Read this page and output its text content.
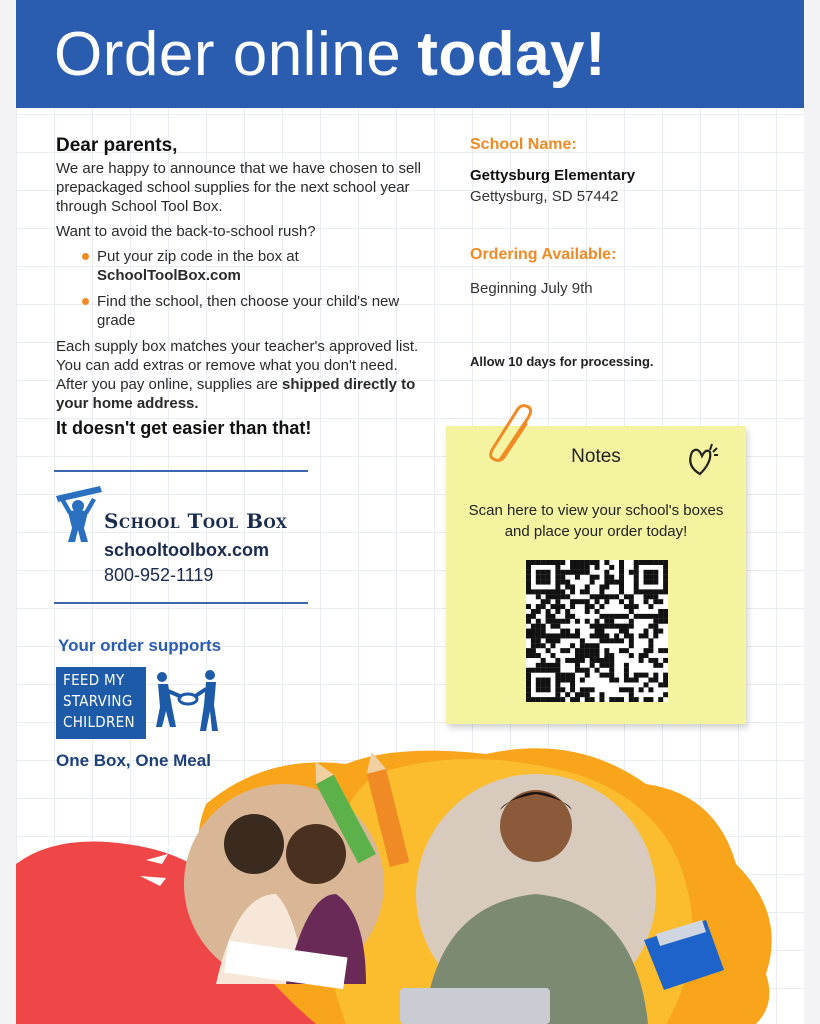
Order online today!
Dear parents,

We are happy to announce that we have chosen to sell prepackaged school supplies for the next school year through School Tool Box.

Want to avoid the back-to-school rush?

Put your zip code in the box at
SchoolToolBox.com
Find the school, then choose your child's new grade

Each supply box matches your teacher's approved list. You can add extras or remove what you don't need. After you pay online, supplies are shipped directly to your home address.

It doesn't get easier than that!
School Tool Box
schooltoolbox.com
800-952-1119
Your order supports
FEED MY
STARVING
CHILDREN
One Box, One Meal
School Name:
Gettysburg Elementary
Gettysburg, SD 57442
Ordering Available:
Beginning July 9th
Allow 10 days for processing.
Notes
Scan here to view your school's boxes and place your order today!
